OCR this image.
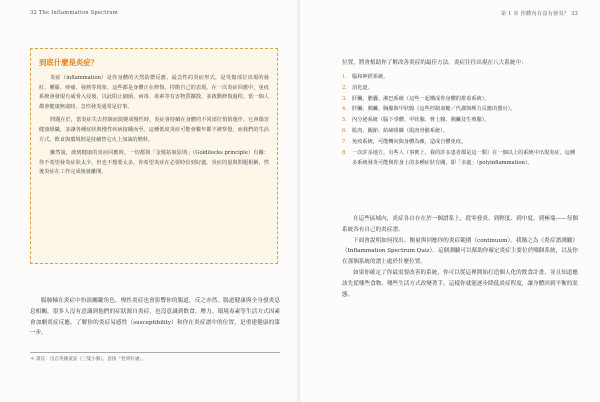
32 The Inflammation Spectrum
到底什麼是炎症？

炎症（inflammation）是你身體的天然防禦反應，最急性的炎症形式，是受傷部位出現的發紅、腫脹、疼痛、發熱等現象，這些都是身體正在修復、捍衛自己的表現。在一次炎症回應中，免疫系統會發現有威脅入侵後，以此阻止細菌、病毒、毒素等有害物質擴散，並啟動修復過程。當一個人都會健康無虞時，急性發炎通常是好事。

問題在於，當炎症失去控制而演變成慢性時，炎症會持續在身體的不同部位悄悄運作，它會傷害健康組織，並讓各種症狀與慢性疾病接踵而至。這種低度炎症可能會數年都不被察覺，而我們的生活方式、飲食與環境則是持續替它火上加油的燃料。

雖然說，談到健康的炎症回應時，一切都與「金髮姑娘原則」（Goldilocks principle）有關：你不希望發炎症狀太少，但也不想要太多。你希望炎症在必要時恰到好處，炎症的量與問題相稱，然後炎症在工作完成後就離開。

腸肺軸在炎症中扮演關鍵角色，慢性炎症也會影響你的腸道，反之亦然。腸道健康與全身發炎息息相關，很多人沒有意識到他們的症狀源自炎症，也沒意識到飲食、壓力、環境毒素等生活方式因素會加劇炎症反應。了解你的炎症易感性（susceptibility）和你在炎症譜中的位置，是重建健康的第一步。

＊ 譯註：出自英國童話《三隻小熊》，意指「恰到好處」。
第 1 章 你體內有沒有發炎？ 33

位置，將會幫助你了解改善炎症的最佳方法。炎症往往出現在八大系統中：

1. 腦和神經系統。
2. 消化道。
3. 肝臟、膽囊、淋巴系統（這些一起構成你身體的排毒系統）。
4. 肝臟、胰臟、胸腺與甲狀腺（這些控制血糖／代謝與壓力反應的器官）。
5. 內分泌系統（腦下垂體、甲狀腺、腎上腺、胰臟及生殖腺）。
6. 肌肉、關節、結締組織（肌肉骨骼系統）。
7. 免疫系統，可能轉向與身體為敵，造成自體免疫。
8. 一次許多地方，有些人（事實上，我的許多患者都是這一類）在一個以上的系統中出現炎症，這種多系統發炎可能與你身上的多種症狀有關，即「多處」（polyinflammation）。

在這些區域內，炎症各自存在於一個譜系上，從零發炎、到輕度、到中度、到極端——每個系統各有自己的炎症譜。

下面會說明如何找出、衡量與回應你的炎症範圍（continuum）。我稱之為《炎症譜測驗》（Inflammation Spectrum Quiz）。這個測驗可以幫助你確定炎症主要位於哪個系統，以及你在那個系統的譜上處於什麼位置。

如果你確定了你最需要改善的系統，你可以從這裡開始打造個人化的飲食計畫，並且知道應該先從哪些食物、哪些生活方式改變著手，這樣你就能逐步降低炎症程度，讓身體回到平衡的狀態。
